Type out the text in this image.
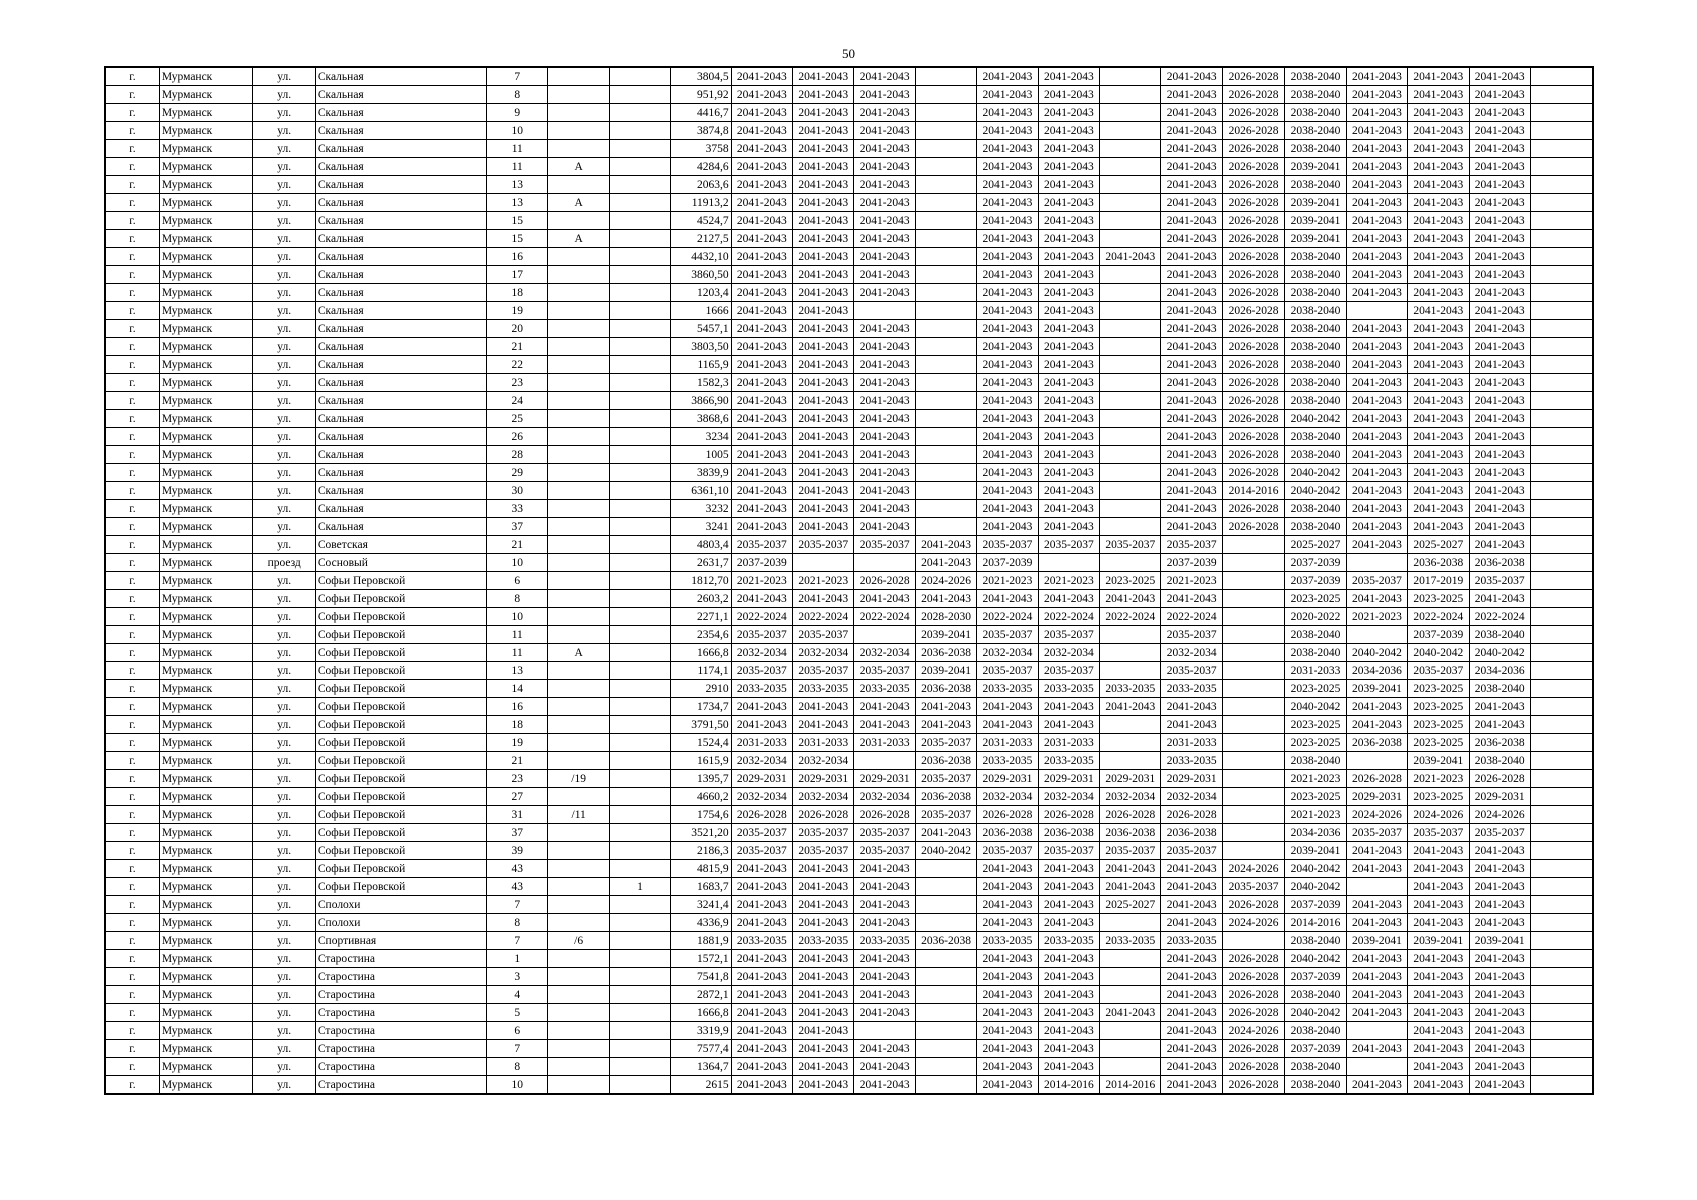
50
г.	Мурманск	ул.	Скальная	7			3804,5	2041-2043	2041-2043	2041-2043		2041-2043	2041-2043		2041-2043	2026-2028	2038-2040	2041-2043	2041-2043	2041-2043	
г.	Мурманск	ул.	Скальная	8			951,92	2041-2043	2041-2043	2041-2043		2041-2043	2041-2043		2041-2043	2026-2028	2038-2040	2041-2043	2041-2043	2041-2043	
г.	Мурманск	ул.	Скальная	9			4416,7	2041-2043	2041-2043	2041-2043		2041-2043	2041-2043		2041-2043	2026-2028	2038-2040	2041-2043	2041-2043	2041-2043	
г.	Мурманск	ул.	Скальная	10			3874,8	2041-2043	2041-2043	2041-2043		2041-2043	2041-2043		2041-2043	2026-2028	2038-2040	2041-2043	2041-2043	2041-2043	
г.	Мурманск	ул.	Скальная	11			3758	2041-2043	2041-2043	2041-2043		2041-2043	2041-2043		2041-2043	2026-2028	2038-2040	2041-2043	2041-2043	2041-2043	
г.	Мурманск	ул.	Скальная	11	А		4284,6	2041-2043	2041-2043	2041-2043		2041-2043	2041-2043		2041-2043	2026-2028	2039-2041	2041-2043	2041-2043	2041-2043	
г.	Мурманск	ул.	Скальная	13			2063,6	2041-2043	2041-2043	2041-2043		2041-2043	2041-2043		2041-2043	2026-2028	2038-2040	2041-2043	2041-2043	2041-2043	
г.	Мурманск	ул.	Скальная	13	А		11913,2	2041-2043	2041-2043	2041-2043		2041-2043	2041-2043		2041-2043	2026-2028	2039-2041	2041-2043	2041-2043	2041-2043	
г.	Мурманск	ул.	Скальная	15			4524,7	2041-2043	2041-2043	2041-2043		2041-2043	2041-2043		2041-2043	2026-2028	2039-2041	2041-2043	2041-2043	2041-2043	
г.	Мурманск	ул.	Скальная	15	А		2127,5	2041-2043	2041-2043	2041-2043		2041-2043	2041-2043		2041-2043	2026-2028	2039-2041	2041-2043	2041-2043	2041-2043	
г.	Мурманск	ул.	Скальная	16			4432,10	2041-2043	2041-2043	2041-2043		2041-2043	2041-2043	2041-2043	2041-2043	2026-2028	2038-2040	2041-2043	2041-2043	2041-2043	
г.	Мурманск	ул.	Скальная	17			3860,50	2041-2043	2041-2043	2041-2043		2041-2043	2041-2043		2041-2043	2026-2028	2038-2040	2041-2043	2041-2043	2041-2043	
г.	Мурманск	ул.	Скальная	18			1203,4	2041-2043	2041-2043	2041-2043		2041-2043	2041-2043		2041-2043	2026-2028	2038-2040	2041-2043	2041-2043	2041-2043	
г.	Мурманск	ул.	Скальная	19			1666	2041-2043	2041-2043			2041-2043	2041-2043		2041-2043	2026-2028	2038-2040		2041-2043	2041-2043	
г.	Мурманск	ул.	Скальная	20			5457,1	2041-2043	2041-2043	2041-2043		2041-2043	2041-2043		2041-2043	2026-2028	2038-2040	2041-2043	2041-2043	2041-2043	
г.	Мурманск	ул.	Скальная	21			3803,50	2041-2043	2041-2043	2041-2043		2041-2043	2041-2043		2041-2043	2026-2028	2038-2040	2041-2043	2041-2043	2041-2043	
г.	Мурманск	ул.	Скальная	22			1165,9	2041-2043	2041-2043	2041-2043		2041-2043	2041-2043		2041-2043	2026-2028	2038-2040	2041-2043	2041-2043	2041-2043	
г.	Мурманск	ул.	Скальная	23			1582,3	2041-2043	2041-2043	2041-2043		2041-2043	2041-2043		2041-2043	2026-2028	2038-2040	2041-2043	2041-2043	2041-2043	
г.	Мурманск	ул.	Скальная	24			3866,90	2041-2043	2041-2043	2041-2043		2041-2043	2041-2043		2041-2043	2026-2028	2038-2040	2041-2043	2041-2043	2041-2043	
г.	Мурманск	ул.	Скальная	25			3868,6	2041-2043	2041-2043	2041-2043		2041-2043	2041-2043		2041-2043	2026-2028	2040-2042	2041-2043	2041-2043	2041-2043	
г.	Мурманск	ул.	Скальная	26			3234	2041-2043	2041-2043	2041-2043		2041-2043	2041-2043		2041-2043	2026-2028	2038-2040	2041-2043	2041-2043	2041-2043	
г.	Мурманск	ул.	Скальная	28			1005	2041-2043	2041-2043	2041-2043		2041-2043	2041-2043		2041-2043	2026-2028	2038-2040	2041-2043	2041-2043	2041-2043	
г.	Мурманск	ул.	Скальная	29			3839,9	2041-2043	2041-2043	2041-2043		2041-2043	2041-2043		2041-2043	2026-2028	2040-2042	2041-2043	2041-2043	2041-2043	
г.	Мурманск	ул.	Скальная	30			6361,10	2041-2043	2041-2043	2041-2043		2041-2043	2041-2043		2041-2043	2014-2016	2040-2042	2041-2043	2041-2043	2041-2043	
г.	Мурманск	ул.	Скальная	33			3232	2041-2043	2041-2043	2041-2043		2041-2043	2041-2043		2041-2043	2026-2028	2038-2040	2041-2043	2041-2043	2041-2043	
г.	Мурманск	ул.	Скальная	37			3241	2041-2043	2041-2043	2041-2043		2041-2043	2041-2043		2041-2043	2026-2028	2038-2040	2041-2043	2041-2043	2041-2043	
г.	Мурманск	ул.	Советская	21			4803,4	2035-2037	2035-2037	2035-2037	2041-2043	2035-2037	2035-2037	2035-2037	2035-2037		2025-2027	2041-2043	2025-2027	2041-2043	
г.	Мурманск	проезд	Сосновый	10			2631,7	2037-2039			2041-2043	2037-2039			2037-2039		2037-2039		2036-2038	2036-2038	
г.	Мурманск	ул.	Софьи Перовской	6			1812,70	2021-2023	2021-2023	2026-2028	2024-2026	2021-2023	2021-2023	2023-2025	2021-2023		2037-2039	2035-2037	2017-2019	2035-2037	
г.	Мурманск	ул.	Софьи Перовской	8			2603,2	2041-2043	2041-2043	2041-2043	2041-2043	2041-2043	2041-2043	2041-2043	2041-2043		2023-2025	2041-2043	2023-2025	2041-2043	
г.	Мурманск	ул.	Софьи Перовской	10			2271,1	2022-2024	2022-2024	2022-2024	2028-2030	2022-2024	2022-2024	2022-2024	2022-2024		2020-2022	2021-2023	2022-2024	2022-2024	
г.	Мурманск	ул.	Софьи Перовской	11			2354,6	2035-2037	2035-2037		2039-2041	2035-2037	2035-2037		2035-2037		2038-2040		2037-2039	2038-2040	
г.	Мурманск	ул.	Софьи Перовской	11	А		1666,8	2032-2034	2032-2034	2032-2034	2036-2038	2032-2034	2032-2034		2032-2034		2038-2040	2040-2042	2040-2042	2040-2042	
г.	Мурманск	ул.	Софьи Перовской	13			1174,1	2035-2037	2035-2037	2035-2037	2039-2041	2035-2037	2035-2037		2035-2037		2031-2033	2034-2036	2035-2037	2034-2036	
г.	Мурманск	ул.	Софьи Перовской	14			2910	2033-2035	2033-2035	2033-2035	2036-2038	2033-2035	2033-2035	2033-2035	2033-2035		2023-2025	2039-2041	2023-2025	2038-2040	
г.	Мурманск	ул.	Софьи Перовской	16			1734,7	2041-2043	2041-2043	2041-2043	2041-2043	2041-2043	2041-2043	2041-2043	2041-2043		2040-2042	2041-2043	2023-2025	2041-2043	
г.	Мурманск	ул.	Софьи Перовской	18			3791,50	2041-2043	2041-2043	2041-2043	2041-2043	2041-2043	2041-2043		2041-2043		2023-2025	2041-2043	2023-2025	2041-2043	
г.	Мурманск	ул.	Софьи Перовской	19			1524,4	2031-2033	2031-2033	2031-2033	2035-2037	2031-2033	2031-2033		2031-2033		2023-2025	2036-2038	2023-2025	2036-2038	
г.	Мурманск	ул.	Софьи Перовской	21			1615,9	2032-2034	2032-2034		2036-2038	2033-2035	2033-2035		2033-2035		2038-2040		2039-2041	2038-2040	
г.	Мурманск	ул.	Софьи Перовской	23	/19		1395,7	2029-2031	2029-2031	2029-2031	2035-2037	2029-2031	2029-2031	2029-2031	2029-2031		2021-2023	2026-2028	2021-2023	2026-2028	
г.	Мурманск	ул.	Софьи Перовской	27			4660,2	2032-2034	2032-2034	2032-2034	2036-2038	2032-2034	2032-2034	2032-2034	2032-2034		2023-2025	2029-2031	2023-2025	2029-2031	
г.	Мурманск	ул.	Софьи Перовской	31	/11		1754,6	2026-2028	2026-2028	2026-2028	2035-2037	2026-2028	2026-2028	2026-2028	2026-2028		2021-2023	2024-2026	2024-2026	2024-2026	
г.	Мурманск	ул.	Софьи Перовской	37			3521,20	2035-2037	2035-2037	2035-2037	2041-2043	2036-2038	2036-2038	2036-2038	2036-2038		2034-2036	2035-2037	2035-2037	2035-2037	
г.	Мурманск	ул.	Софьи Перовской	39			2186,3	2035-2037	2035-2037	2035-2037	2040-2042	2035-2037	2035-2037	2035-2037	2035-2037		2039-2041	2041-2043	2041-2043	2041-2043	
г.	Мурманск	ул.	Софьи Перовской	43			4815,9	2041-2043	2041-2043	2041-2043		2041-2043	2041-2043	2041-2043	2041-2043	2024-2026	2040-2042	2041-2043	2041-2043	2041-2043	
г.	Мурманск	ул.	Софьи Перовской	43		1	1683,7	2041-2043	2041-2043	2041-2043		2041-2043	2041-2043	2041-2043	2041-2043	2035-2037	2040-2042		2041-2043	2041-2043	
г.	Мурманск	ул.	Сполохи	7			3241,4	2041-2043	2041-2043	2041-2043		2041-2043	2041-2043	2025-2027	2041-2043	2026-2028	2037-2039	2041-2043	2041-2043	2041-2043	
г.	Мурманск	ул.	Сполохи	8			4336,9	2041-2043	2041-2043	2041-2043		2041-2043	2041-2043		2041-2043	2024-2026	2014-2016	2041-2043	2041-2043	2041-2043	
г.	Мурманск	ул.	Спортивная	7	/6		1881,9	2033-2035	2033-2035	2033-2035	2036-2038	2033-2035	2033-2035	2033-2035	2033-2035		2038-2040	2039-2041	2039-2041	2039-2041	
г.	Мурманск	ул.	Старостина	1			1572,1	2041-2043	2041-2043	2041-2043		2041-2043	2041-2043		2041-2043	2026-2028	2040-2042	2041-2043	2041-2043	2041-2043	
г.	Мурманск	ул.	Старостина	3			7541,8	2041-2043	2041-2043	2041-2043		2041-2043	2041-2043		2041-2043	2026-2028	2037-2039	2041-2043	2041-2043	2041-2043	
г.	Мурманск	ул.	Старостина	4			2872,1	2041-2043	2041-2043	2041-2043		2041-2043	2041-2043		2041-2043	2026-2028	2038-2040	2041-2043	2041-2043	2041-2043	
г.	Мурманск	ул.	Старостина	5			1666,8	2041-2043	2041-2043	2041-2043		2041-2043	2041-2043	2041-2043	2041-2043	2026-2028	2040-2042	2041-2043	2041-2043	2041-2043	
г.	Мурманск	ул.	Старостина	6			3319,9	2041-2043	2041-2043			2041-2043	2041-2043		2041-2043	2024-2026	2038-2040		2041-2043	2041-2043	
г.	Мурманск	ул.	Старостина	7			7577,4	2041-2043	2041-2043	2041-2043		2041-2043	2041-2043		2041-2043	2026-2028	2037-2039	2041-2043	2041-2043	2041-2043	
г.	Мурманск	ул.	Старостина	8			1364,7	2041-2043	2041-2043	2041-2043		2041-2043	2041-2043		2041-2043	2026-2028	2038-2040		2041-2043	2041-2043	
г.	Мурманск	ул.	Старостина	10			2615	2041-2043	2041-2043	2041-2043		2041-2043	2014-2016	2014-2016	2041-2043	2026-2028	2038-2040	2041-2043	2041-2043	2041-2043	
